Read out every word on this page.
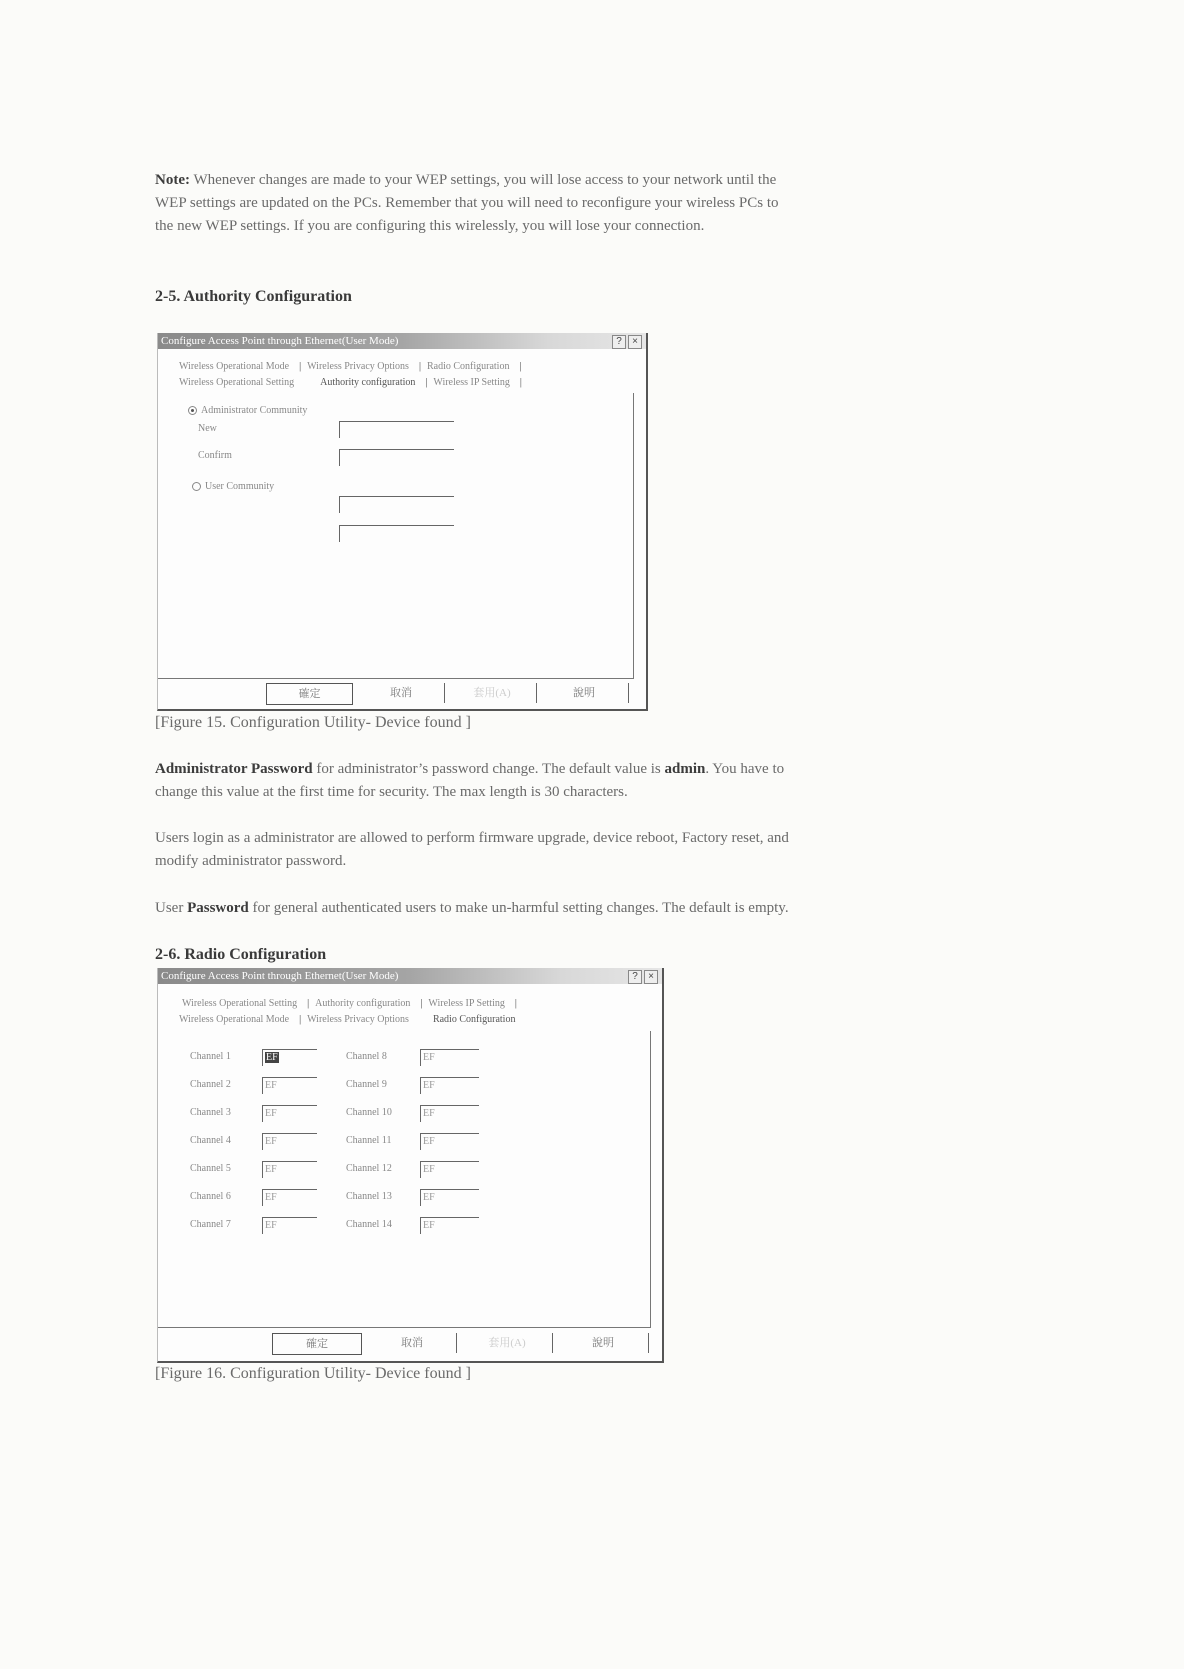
Note: Whenever changes are made to your WEP settings, you will lose access to your network until the
WEP settings are updated on the PCs. Remember that you will need to reconfigure your wireless PCs to
the new WEP settings. If you are configuring this wirelessly, you will lose your connection.
2-5. Authority Configuration
Configure Access Point through Ethernet(User Mode)	? ×
Wireless Operational Mode | Wireless Privacy Options | Radio Configuration |
Wireless Operational Setting	Authority configuration | Wireless IP Setting |
Administrator Community
New
Confirm
User Community
確定	取消	套用(A)	說明
[Figure 15. Configuration Utility- Device found ]
Administrator Password for administrator’s password change. The default value is admin. You have to
change this value at the first time for security. The max length is 30 characters.
Users login as a administrator are allowed to perform firmware upgrade, device reboot, Factory reset, and
modify administrator password.
User Password for general authenticated users to make un-harmful setting changes. The default is empty.
2-6. Radio Configuration
Configure Access Point through Ethernet(User Mode)	? ×
Wireless Operational Setting | Authority configuration | Wireless IP Setting |
Wireless Operational Mode | Wireless Privacy Options Radio Configuration
Channel 1	EF
Channel 2	EF
Channel 3	EF
Channel 4	EF
Channel 5	EF
Channel 6	EF
Channel 7	EF
Channel 8	EF
Channel 9	EF
Channel 10	EF
Channel 11	EF
Channel 12	EF
Channel 13	EF
Channel 14	EF
確定	取消	套用(A)	說明
[Figure 16. Configuration Utility- Device found ]
